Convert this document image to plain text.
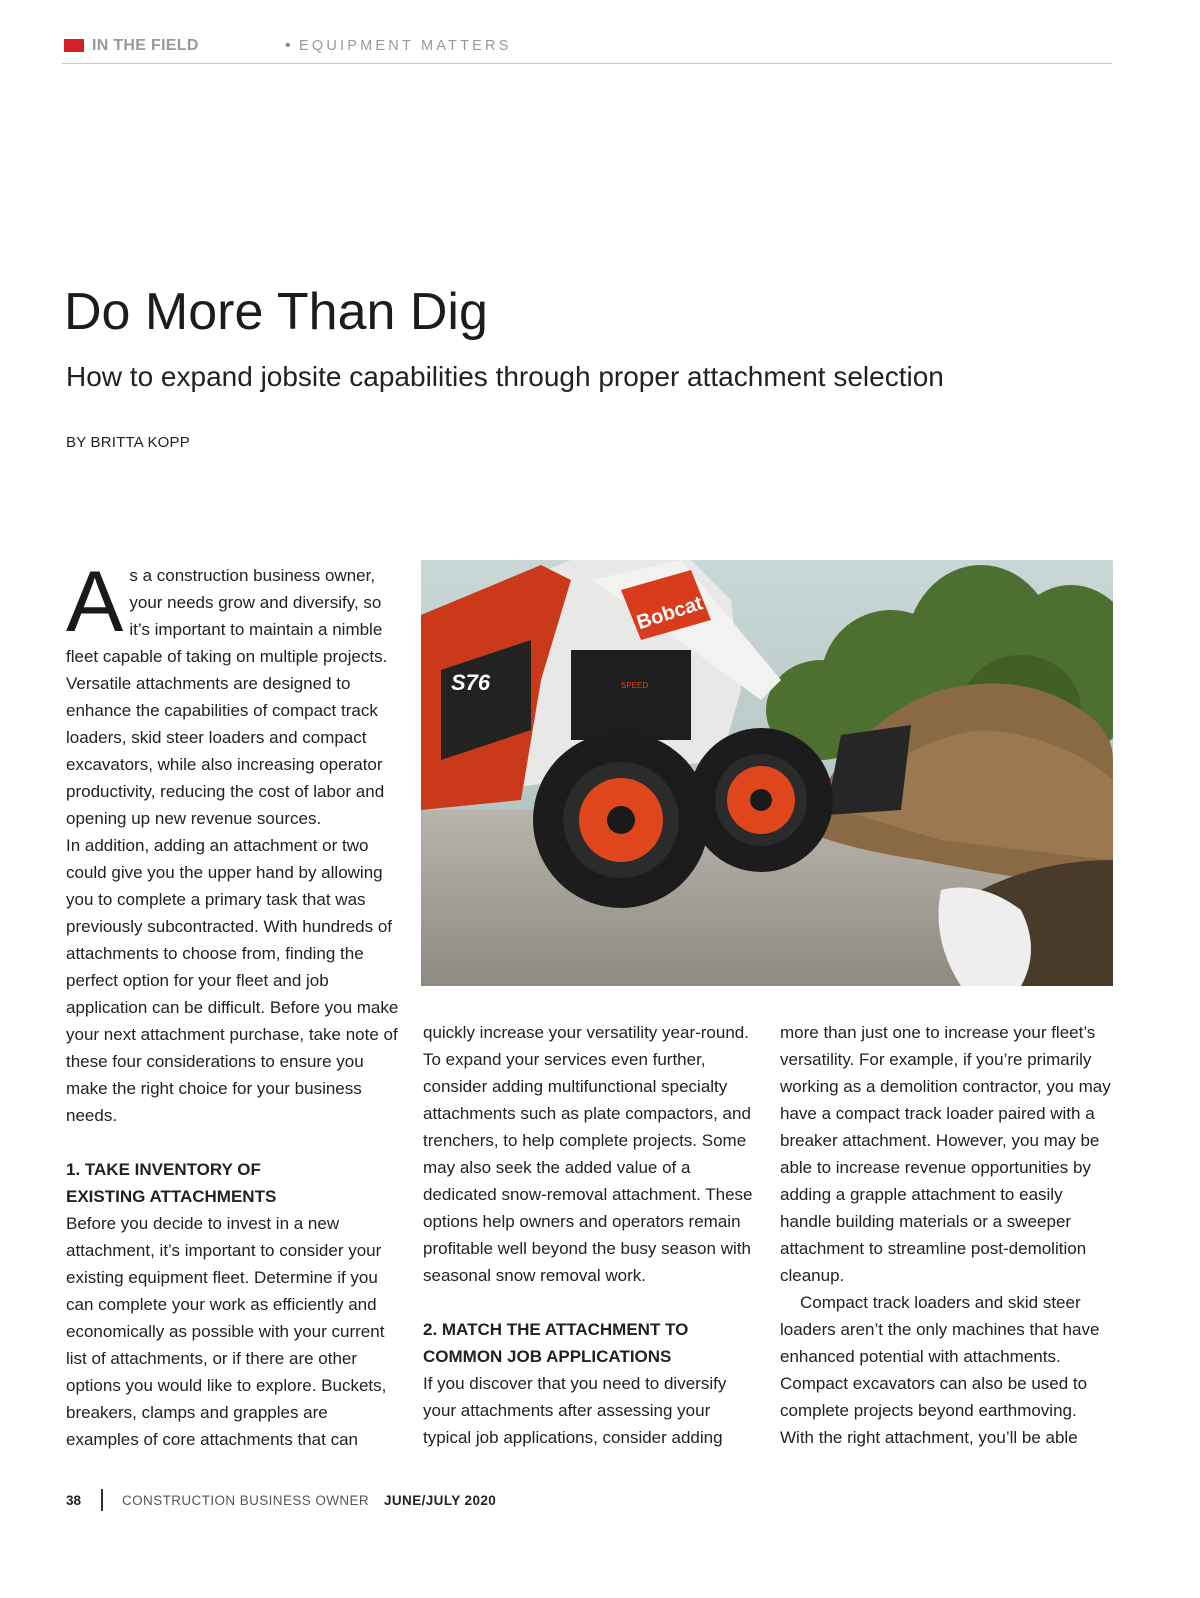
IN THE FIELD	• EQUIPMENT MATTERS
Do More Than Dig
How to expand jobsite capabilities through proper attachment selection
BY BRITTA KOPP

As a construction business owner, your needs grow and diversify, so it’s important to maintain a nimble fleet capable of taking on multiple projects. Versatile attachments are designed to enhance the capabilities of compact track loaders, skid steer loaders and compact excavators, while also increasing operator productivity, reducing the cost of labor and opening up new revenue sources.

In addition, adding an attachment or two could give you the upper hand by allowing you to complete a primary task that was previously subcontracted. With hundreds of attachments to choose from, finding the perfect option for your fleet and job application can be difficult. Before you make your next attachment purchase, take note of these four considerations to ensure you make the right choice for your business needs.

1. TAKE INVENTORY OF
EXISTING ATTACHMENTS

Before you decide to invest in a new attachment, it’s important to consider your existing equipment fleet. Determine if you can complete your work as efficiently and economically as possible with your current list of attachments, or if there are other options you would like to explore. Buckets, breakers, clamps and grapples are examples of core attachments that can

S76
Bobcat
SPEED

quickly increase your versatility year-round. To expand your services even further, consider adding multifunctional specialty attachments such as plate compactors, and trenchers, to help complete projects. Some may also seek the added value of a dedicated snow-removal attachment. These options help owners and operators remain profitable well beyond the busy season with seasonal snow removal work.

2. MATCH THE ATTACHMENT TO
COMMON JOB APPLICATIONS

If you discover that you need to diversify your attachments after assessing your typical job applications, consider adding

more than just one to increase your fleet’s versatility. For example, if you’re primarily working as a demolition contractor, you may have a compact track loader paired with a breaker attachment. However, you may be able to increase revenue opportunities by adding a grapple attachment to easily handle building materials or a sweeper attachment to streamline post-demolition cleanup.

Compact track loaders and skid steer loaders aren’t the only machines that have enhanced potential with attachments. Compact excavators can also be used to complete projects beyond earthmoving. With the right attachment, you’ll be able

38	CONSTRUCTION BUSINESS OWNER JUNE/JULY 2020
